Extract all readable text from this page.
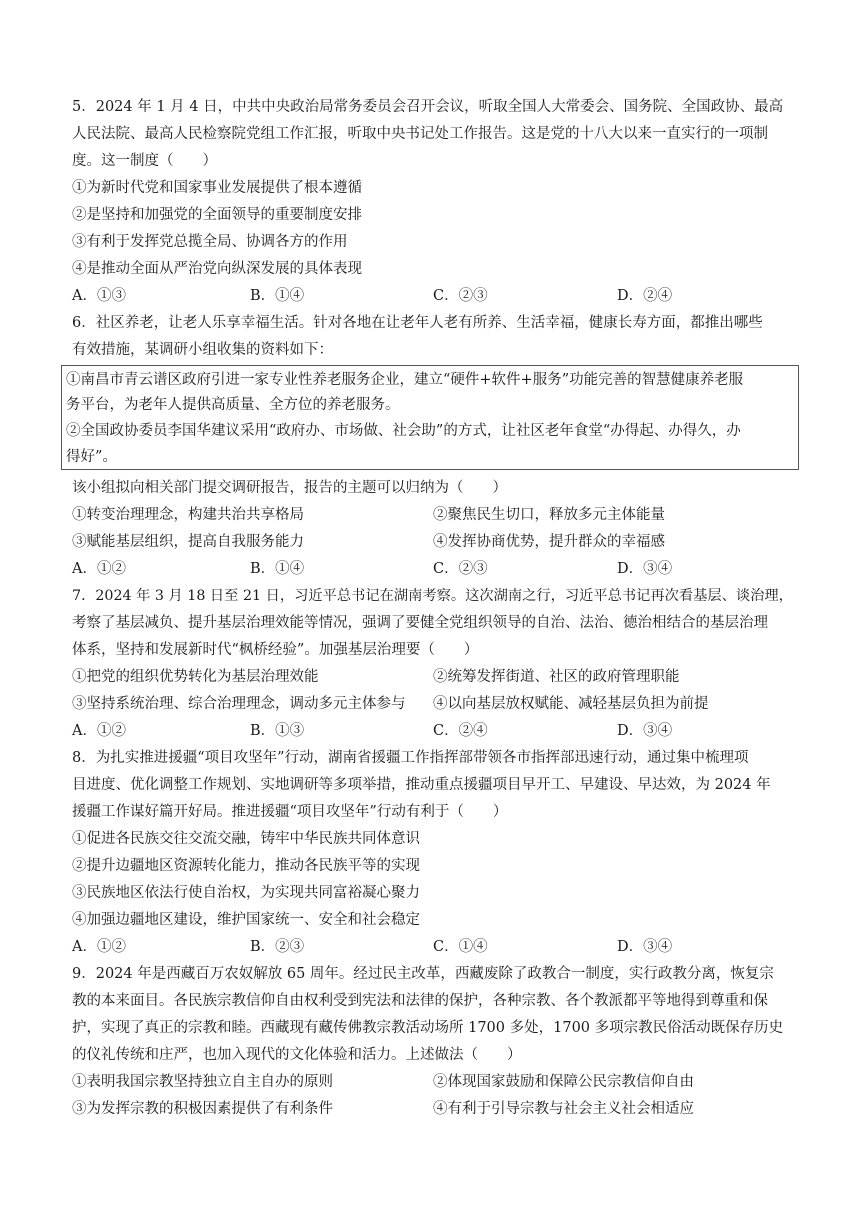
5．2024 年 1 月 4 日，中共中央政治局常务委员会召开会议，听取全国人大常委会、国务院、全国政协、最高
人民法院、最高人民检察院党组工作汇报，听取中央书记处工作报告。这是党的十八大以来一直实行的一项制
度。这一制度（　　）
①为新时代党和国家事业发展提供了根本遵循
②是坚持和加强党的全面领导的重要制度安排
③有利于发挥党总揽全局、协调各方的作用
④是推动全面从严治党向纵深发展的具体表现
A．①③	B．①④	C．②③	D．②④
6．社区养老，让老人乐享幸福生活。针对各地在让老年人老有所养、生活幸福，健康长寿方面，都推出哪些
有效措施，某调研小组收集的资料如下：
①南昌市青云谱区政府引进一家专业性养老服务企业，建立“硬件+软件+服务”功能完善的智慧健康养老服
务平台，为老年人提供高质量、全方位的养老服务。
②全国政协委员李国华建议采用“政府办、市场做、社会助”的方式，让社区老年食堂“办得起、办得久，办
得好”。
该小组拟向相关部门提交调研报告，报告的主题可以归纳为（　　）
①转变治理理念，构建共治共享格局	②聚焦民生切口，释放多元主体能量
③赋能基层组织，提高自我服务能力	④发挥协商优势，提升群众的幸福感
A．①②	B．①④	C．②③	D．③④
7．2024 年 3 月 18 日至 21 日，习近平总书记在湖南考察。这次湖南之行，习近平总书记再次看基层、谈治理，
考察了基层减负、提升基层治理效能等情况，强调了要健全党组织领导的自治、法治、德治相结合的基层治理
体系，坚持和发展新时代“枫桥经验”。加强基层治理要（　　）
①把党的组织优势转化为基层治理效能	②统筹发挥街道、社区的政府管理职能
③坚持系统治理、综合治理理念，调动多元主体参与 ④以向基层放权赋能、减轻基层负担为前提
A．①②	B．①③	C．②④	D．③④
8．为扎实推进援疆“项目攻坚年”行动，湖南省援疆工作指挥部带领各市指挥部迅速行动，通过集中梳理项
目进度、优化调整工作规划、实地调研等多项举措，推动重点援疆项目早开工、早建设、早达效，为 2024 年
援疆工作谋好篇开好局。推进援疆“项目攻坚年”行动有利于（　　）
①促进各民族交往交流交融，铸牢中华民族共同体意识
②提升边疆地区资源转化能力，推动各民族平等的实现
③民族地区依法行使自治权，为实现共同富裕凝心聚力
④加强边疆地区建设，维护国家统一、安全和社会稳定
A．①②	B．②③	C．①④	D．③④
9．2024 年是西藏百万农奴解放 65 周年。经过民主改革，西藏废除了政教合一制度，实行政教分离，恢复宗
教的本来面目。各民族宗教信仰自由权利受到宪法和法律的保护，各种宗教、各个教派都平等地得到尊重和保
护，实现了真正的宗教和睦。西藏现有藏传佛教宗教活动场所 1700 多处，1700 多项宗教民俗活动既保存历史
的仪礼传统和庄严，也加入现代的文化体验和活力。上述做法（　　）
①表明我国宗教坚持独立自主自办的原则	②体现国家鼓励和保障公民宗教信仰自由
③为发挥宗教的积极因素提供了有利条件	④有利于引导宗教与社会主义社会相适应
